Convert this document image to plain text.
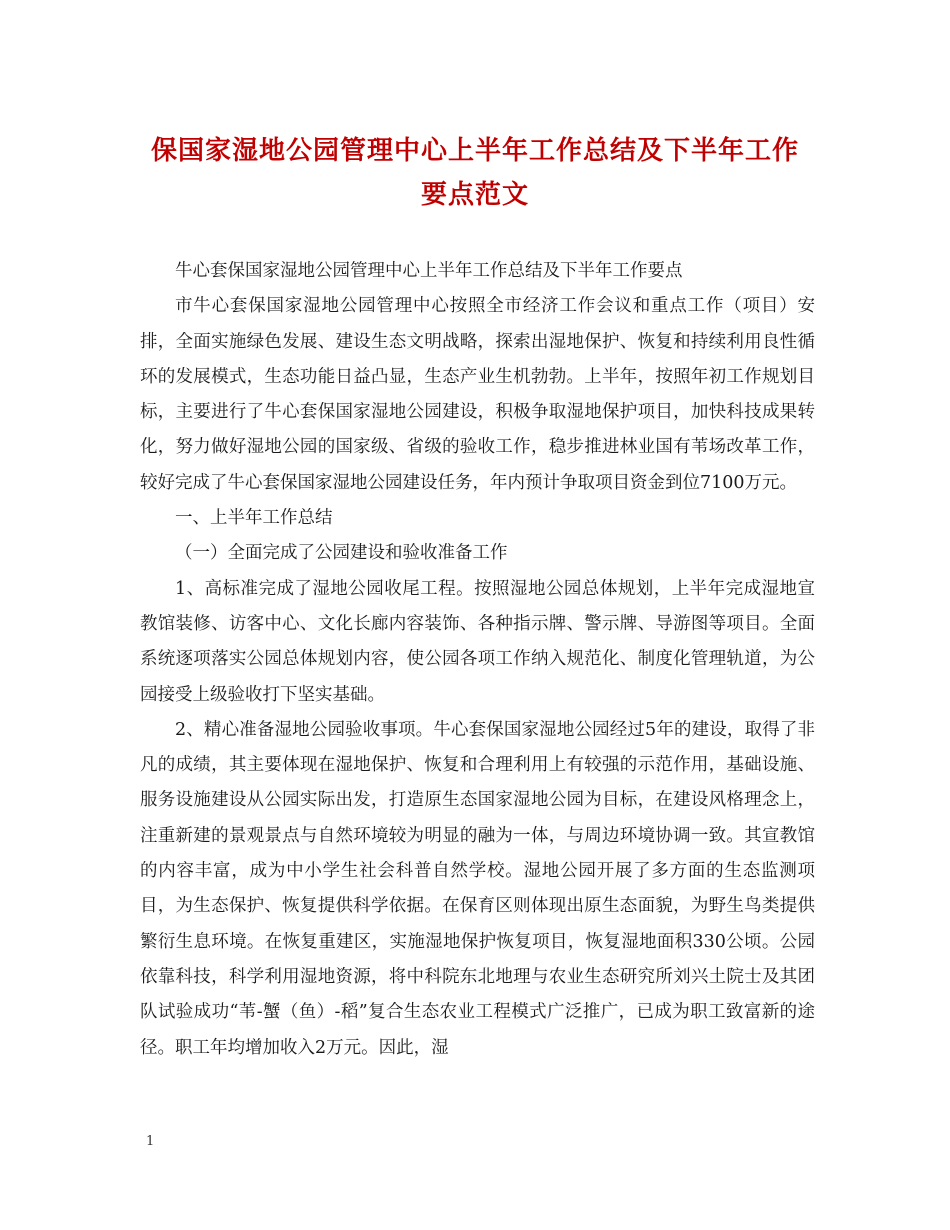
保国家湿地公园管理中心上半年工作总结及下半年工作
要点范文

牛心套保国家湿地公园管理中心上半年工作总结及下半年工作要点

市牛心套保国家湿地公园管理中心按照全市经济工作会议和重点工作（项目）安排，全面实施绿色发展、建设生态文明战略，探索出湿地保护、恢复和持续利用良性循环的发展模式，生态功能日益凸显，生态产业生机勃勃。上半年，按照年初工作规划目标，主要进行了牛心套保国家湿地公园建设，积极争取湿地保护项目，加快科技成果转化，努力做好湿地公园的国家级、省级的验收工作，稳步推进林业国有苇场改革工作，较好完成了牛心套保国家湿地公园建设任务，年内预计争取项目资金到位7100万元。

一、上半年工作总结

（一）全面完成了公园建设和验收准备工作

1、高标准完成了湿地公园收尾工程。按照湿地公园总体规划，上半年完成湿地宣教馆装修、访客中心、文化长廊内容装饰、各种指示牌、警示牌、导游图等项目。全面系统逐项落实公园总体规划内容，使公园各项工作纳入规范化、制度化管理轨道，为公园接受上级验收打下坚实基础。

2、精心准备湿地公园验收事项。牛心套保国家湿地公园经过5年的建设，取得了非凡的成绩，其主要体现在湿地保护、恢复和合理利用上有较强的示范作用，基础设施、服务设施建设从公园实际出发，打造原生态国家湿地公园为目标，在建设风格理念上，注重新建的景观景点与自然环境较为明显的融为一体，与周边环境协调一致。其宣教馆的内容丰富，成为中小学生社会科普自然学校。湿地公园开展了多方面的生态监测项目，为生态保护、恢复提供科学依据。在保育区则体现出原生态面貌，为野生鸟类提供繁衍生息环境。在恢复重建区，实施湿地保护恢复项目，恢复湿地面积330公顷。公园依靠科技，科学利用湿地资源，将中科院东北地理与农业生态研究所刘兴土院士及其团队试验成功“苇-蟹（鱼）-稻”复合生态农业工程模式广泛推广，已成为职工致富新的途径。职工年均增加收入2万元。因此，湿

1
